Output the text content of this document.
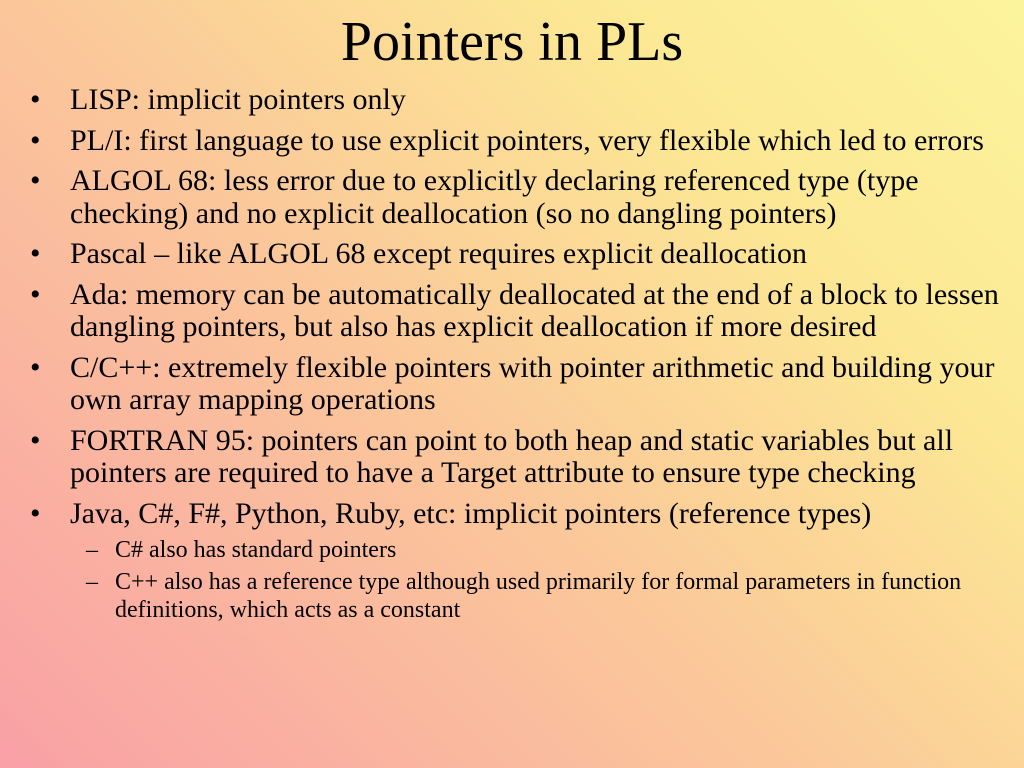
Pointers in PLs
• LISP: implicit pointers only
• PL/I: first language to use explicit pointers, very flexible which led to errors
• ALGOL 68: less error due to explicitly declaring referenced type (type checking) and no explicit deallocation (so no dangling pointers)
• Pascal – like ALGOL 68 except requires explicit deallocation
• Ada: memory can be automatically deallocated at the end of a block to lessen dangling pointers, but also has explicit deallocation if more desired
• C/C++: extremely flexible pointers with pointer arithmetic and building your own array mapping operations
• FORTRAN 95: pointers can point to both heap and static variables but all pointers are required to have a Target attribute to ensure type checking
• Java, C#, F#, Python, Ruby, etc: implicit pointers (reference types)
– C# also has standard pointers
– C++ also has a reference type although used primarily for formal parameters in function definitions, which acts as a constant
